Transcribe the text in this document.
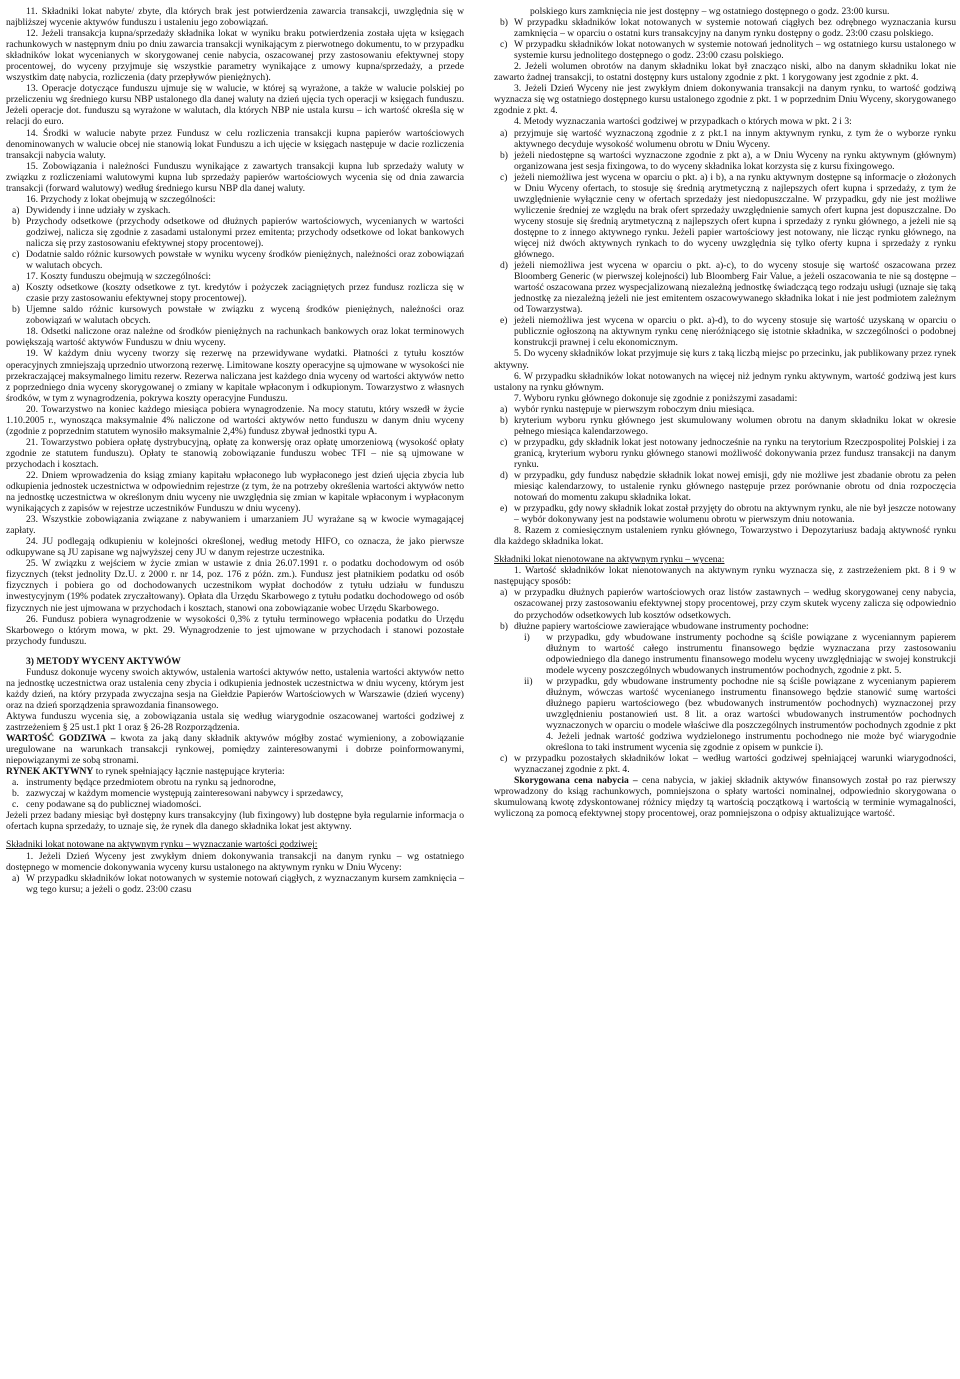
11. Składniki lokat nabyte/ zbyte, dla których brak jest potwierdzenia zawarcia transakcji, uwzględnia się w najbliższej wycenie aktywów funduszu i ustaleniu jego zobowiązań.

12. Jeżeli transakcja kupna/sprzedaży składnika lokat w wyniku braku potwierdzenia została ujęta w księgach rachunkowych w następnym dniu po dniu zawarcia transakcji wynikającym z pierwotnego dokumentu, to w przypadku składników lokat wycenianych w skorygowanej cenie nabycia, oszacowanej przy zastosowaniu efektywnej stopy procentowej, do wyceny przyjmuje się wszystkie parametry wynikające z umowy kupna/sprzedaży, a przede wszystkim datę nabycia, rozliczenia (daty przepływów pieniężnych).

13. Operacje dotyczące funduszu ujmuje się w walucie, w której są wyrażone, a także w walucie polskiej po przeliczeniu wg średniego kursu NBP ustalonego dla danej waluty na dzień ujęcia tych operacji w księgach funduszu. Jeżeli operacje dot. funduszu są wyrażone w walutach, dla których NBP nie ustala kursu – ich wartość określa się w relacji do euro.

14. Środki w walucie nabyte przez Fundusz w celu rozliczenia transakcji kupna papierów wartościowych denominowanych w walucie obcej nie stanowią lokat Funduszu a ich ujęcie w księgach następuje w dacie rozliczenia transakcji nabycia waluty.

15. Zobowiązania i należności Funduszu wynikające z zawartych transakcji kupna lub sprzedaży waluty w związku z rozliczeniami walutowymi kupna lub sprzedaży papierów wartościowych wycenia się od dnia zawarcia transakcji (forward walutowy) według średniego kursu NBP dla danej waluty.

16. Przychody z lokat obejmują w szczególności:

a) Dywidendy i inne udziały w zyskach.

b) Przychody odsetkowe (przychody odsetkowe od dłużnych papierów wartościowych, wycenianych w wartości godziwej, nalicza się zgodnie z zasadami ustalonymi przez emitenta; przychody odsetkowe od lokat bankowych nalicza się przy zastosowaniu efektywnej stopy procentowej).

c) Dodatnie saldo różnic kursowych powstałe w wyniku wyceny środków pieniężnych, należności oraz zobowiązań w walutach obcych.

17. Koszty funduszu obejmują w szczególności:

a) Koszty odsetkowe (koszty odsetkowe z tyt. kredytów i pożyczek zaciągniętych przez fundusz rozlicza się w czasie przy zastosowaniu efektywnej stopy procentowej).

b) Ujemne saldo różnic kursowych powstałe w związku z wyceną środków pieniężnych, należności oraz zobowiązań w walutach obcych.

18. Odsetki naliczone oraz należne od środków pieniężnych na rachunkach bankowych oraz lokat terminowych powiększają wartość aktywów Funduszu w dniu wyceny.

19. W każdym dniu wyceny tworzy się rezerwę na przewidywane wydatki. Płatności z tytułu kosztów operacyjnych zmniejszają uprzednio utworzoną rezerwę. Limitowane koszty operacyjne są ujmowane w wysokości nie przekraczającej maksymalnego limitu rezerw. Rezerwa naliczana jest każdego dnia wyceny od wartości aktywów netto z poprzedniego dnia wyceny skorygowanej o zmiany w kapitale wpłaconym i odkupionym. Towarzystwo z własnych środków, w tym z wynagrodzenia, pokrywa koszty operacyjne Funduszu.

20. Towarzystwo na koniec każdego miesiąca pobiera wynagrodzenie. Na mocy statutu, który wszedł w życie 1.10.2005 r., wynosząca maksymalnie 4% naliczone od wartości aktywów netto funduszu w danym dniu wyceny (zgodnie z poprzednim statutem wynosiło maksymalnie 2,4%) fundusz zbywał jednostki typu A.

21. Towarzystwo pobiera opłatę dystrybucyjną, opłatę za konwersję oraz opłatę umorzeniową (wysokość opłaty zgodnie ze statutem funduszu). Opłaty te stanowią zobowiązanie funduszu wobec TFI – nie są ujmowane w przychodach i kosztach.

22. Dniem wprowadzenia do ksiąg zmiany kapitału wpłaconego lub wypłaconego jest dzień ujęcia zbycia lub odkupienia jednostek uczestnictwa w odpowiednim rejestrze (z tym, że na potrzeby określenia wartości aktywów netto na jednostkę uczestnictwa w określonym dniu wyceny nie uwzględnia się zmian w kapitale wpłaconym i wypłaconym wynikających z zapisów w rejestrze uczestników Funduszu w dniu wyceny).

23. Wszystkie zobowiązania związane z nabywaniem i umarzaniem JU wyrażane są w kwocie wymagającej zapłaty.

24. JU podlegają odkupieniu w kolejności określonej, według metody HIFO, co oznacza, że jako pierwsze odkupywane są JU zapisane wg najwyższej ceny JU w danym rejestrze uczestnika.

25. W związku z wejściem w życie zmian w ustawie z dnia 26.07.1991 r. o podatku dochodowym od osób fizycznych (tekst jednolity Dz.U. z 2000 r. nr 14, poz. 176 z późn. zm.). Fundusz jest płatnikiem podatku od osób fizycznych i pobiera go od dochodowanych uczestnikom wypłat dochodów z tytułu udziału w funduszu inwestycyjnym (19% podatek zryczałtowany). Opłata dla Urzędu Skarbowego z tytułu podatku dochodowego od osób fizycznych nie jest ujmowana w przychodach i kosztach, stanowi ona zobowiązanie wobec Urzędu Skarbowego.

26. Fundusz pobiera wynagrodzenie w wysokości 0,3% z tytułu terminowego wpłacenia podatku do Urzędu Skarbowego o którym mowa, w pkt. 29. Wynagrodzenie to jest ujmowane w przychodach i stanowi pozostałe przychody funduszu.

3) METODY WYCENY AKTYWÓW

Fundusz dokonuje wyceny swoich aktywów, ustalenia wartości aktywów netto, ustalenia wartości aktywów netto na jednostkę uczestnictwa oraz ustalenia ceny zbycia i odkupienia jednostek uczestnictwa w dniu wyceny, którym jest każdy dzień, na który przypada zwyczajna sesja na Giełdzie Papierów Wartościowych w Warszawie (dzień wyceny) oraz na dzień sporządzenia sprawozdania finansowego.

Aktywa funduszu wycenia się, a zobowiązania ustala się według wiarygodnie oszacowanej wartości godziwej z zastrzeżeniem § 25 ust.1 pkt 1 oraz § 26-28 Rozporządzenia.

WARTOŚĆ GODZIWA – kwota za jaką dany składnik aktywów mógłby zostać wymieniony, a zobowiązanie uregulowane na warunkach transakcji rynkowej, pomiędzy zainteresowanymi i dobrze poinformowanymi, niepowiązanymi ze sobą stronami.

RYNEK AKTYWNY to rynek spełniający łącznie następujące kryteria:

a. instrumenty będące przedmiotem obrotu na rynku są jednorodne,

b. zazwyczaj w każdym momencie występują zainteresowani nabywcy i sprzedawcy,

c. ceny podawane są do publicznej wiadomości.

Jeżeli przez badany miesiąc był dostępny kurs transakcyjny (lub fixingowy) lub dostępne była regularnie informacja o ofertach kupna sprzedaży, to uznaje się, że rynek dla danego składnika lokat jest aktywny.

Składniki lokat notowane na aktywnym rynku – wyznaczanie wartości godziwej:

1. Jeżeli Dzień Wyceny jest zwykłym dniem dokonywania transakcji na danym rynku – wg ostatniego dostępnego w momencie dokonywania wyceny kursu ustalonego na aktywnym rynku w Dniu Wyceny:

a) W przypadku składników lokat notowanych w systemie notowań ciągłych, z wyznaczanym kursem zamknięcia – wg tego kursu; a jeżeli o godz. 23:00 czasu

polskiego kurs zamknięcia nie jest dostępny – wg ostatniego dostępnego o godz. 23:00 kursu.

b) W przypadku składników lokat notowanych w systemie notowań ciągłych bez odrębnego wyznaczania kursu zamknięcia – w oparciu o ostatni kurs transakcyjny na danym rynku dostępny o godz. 23:00 czasu polskiego.

c) W przypadku składników lokat notowanych w systemie notowań jednolitych – wg ostatniego kursu ustalonego w systemie kursu jednolitego dostępnego o godz. 23:00 czasu polskiego.

2. Jeżeli wolumen obrotów na danym składniku lokat był znacząco niski, albo na danym składniku lokat nie zawarto żadnej transakcji, to ostatni dostępny kurs ustalony zgodnie z pkt. 1 korygowany jest zgodnie z pkt. 4.

3. Jeżeli Dzień Wyceny nie jest zwykłym dniem dokonywania transakcji na danym rynku, to wartość godziwą wyznacza się wg ostatniego dostępnego kursu ustalonego zgodnie z pkt. 1 w poprzednim Dniu Wyceny, skorygowanego zgodnie z pkt. 4.

4. Metody wyznaczania wartości godziwej w przypadkach o których mowa w pkt. 2 i 3:

a) przyjmuje się wartość wyznaczoną zgodnie z z pkt.1 na innym aktywnym rynku, z tym że o wyborze rynku aktywnego decyduje wysokość wolumenu obrotu w Dniu Wyceny.

b) jeżeli niedostępne są wartości wyznaczone zgodnie z pkt a), a w Dniu Wyceny na rynku aktywnym (głównym) organizowana jest sesja fixingowa, to do wyceny składnika lokat korzysta się z kursu fixingowego.

c) jeżeli niemożliwa jest wycena w oparciu o pkt. a) i b), a na rynku aktywnym dostępne są informacje o złożonych w Dniu Wyceny ofertach, to stosuje się średnią arytmetyczną z najlepszych ofert kupna i sprzedaży, z tym że uwzględnienie wyłącznie ceny w ofertach sprzedaży jest niedopuszczalne. W przypadku, gdy nie jest możliwe wyliczenie średniej ze względu na brak ofert sprzedaży uwzględnienie samych ofert kupna jest dopuszczalne. Do wyceny stosuje się średnią arytmetyczną z najlepszych ofert kupna i sprzedaży z rynku głównego, a jeżeli nie są dostępne to z innego aktywnego rynku. Jeżeli papier wartościowy jest notowany, nie licząc rynku głównego, na więcej niż dwóch aktywnych rynkach to do wyceny uwzględnia się tylko oferty kupna i sprzedaży z rynku głównego.

d) jeżeli niemożliwa jest wycena w oparciu o pkt. a)-c), to do wyceny stosuje się wartość oszacowana przez Bloomberg Generic (w pierwszej kolejności) lub Bloomberg Fair Value, a jeżeli oszacowania te nie są dostępne – wartość oszacowana przez wyspecjalizowaną niezależną jednostkę świadczącą tego rodzaju usługi (uznaje się taką jednostkę za niezależną jeżeli nie jest emitentem oszacowywanego składnika lokat i nie jest podmiotem zależnym od Towarzystwa).

e) jeżeli niemożliwa jest wycena w oparciu o pkt. a)-d), to do wyceny stosuje się wartość uzyskaną w oparciu o publicznie ogłoszoną na aktywnym rynku cenę nieróżniącego się istotnie składnika, w szczególności o podobnej konstrukcji prawnej i celu ekonomicznym.

5. Do wyceny składników lokat przyjmuje się kurs z taką liczbą miejsc po przecinku, jak publikowany przez rynek aktywny.

6. W przypadku składników lokat notowanych na więcej niż jednym rynku aktywnym, wartość godziwą jest kurs ustalony na rynku głównym.

7. Wyboru rynku głównego dokonuje się zgodnie z poniższymi zasadami:

a) wybór rynku następuje w pierwszym roboczym dniu miesiąca.

b) kryterium wyboru rynku głównego jest skumulowany wolumen obrotu na danym składniku lokat w okresie pełnego miesiąca kalendarzowego.

c) w przypadku, gdy składnik lokat jest notowany jednocześnie na rynku na terytorium Rzeczpospolitej Polskiej i za granicą, kryterium wyboru rynku głównego stanowi możliwość dokonywania przez fundusz transakcji na danym rynku.

d) w przypadku, gdy fundusz nabędzie składnik lokat nowej emisji, gdy nie możliwe jest zbadanie obrotu za pełen miesiąc kalendarzowy, to ustalenie rynku głównego następuje przez porównanie obrotu od dnia rozpoczęcia notowań do momentu zakupu składnika lokat.

e) w przypadku, gdy nowy składnik lokat został przyjęty do obrotu na aktywnym rynku, ale nie był jeszcze notowany – wybór dokonywany jest na podstawie wolumenu obrotu w pierwszym dniu notowania.

8. Razem z comiesięcznym ustaleniem rynku głównego, Towarzystwo i Depozytariusz badają aktywność rynku dla każdego składnika lokat.

Składniki lokat nienotowane na aktywnym rynku – wycena:

1. Wartość składników lokat nienotowanych na aktywnym rynku wyznacza się, z zastrzeżeniem pkt. 8 i 9 w następujący sposób:

a) w przypadku dłużnych papierów wartościowych oraz listów zastawnych – według skorygowanej ceny nabycia, oszacowanej przy zastosowaniu efektywnej stopy procentowej, przy czym skutek wyceny zalicza się odpowiednio do przychodów odsetkowych lub kosztów odsetkowych.

b) dłużne papiery wartościowe zawierające wbudowane instrumenty pochodne:

i) w przypadku, gdy wbudowane instrumenty pochodne są ściśle powiązane z wyceniannym papierem dłużnym to wartość całego instrumentu finansowego będzie wyznaczana przy zastosowaniu odpowiedniego dla danego instrumentu finansowego modelu wyceny uwzględniając w swojej konstrukcji modele wyceny poszczególnych wbudowanych instrumentów pochodnych, zgodnie z pkt. 5.

ii) w przypadku, gdy wbudowane instrumenty pochodne nie są ściśle powiązane z wycenianym papierem dłużnym, wówczas wartość wycenianego instrumentu finansowego będzie stanowić sumę wartości dłużnego papieru wartościowego (bez wbudowanych instrumentów pochodnych) wyznaczonej przy uwzględnieniu postanowień ust. 8 lit. a oraz wartości wbudowanych instrumentów pochodnych wyznaczonych w oparciu o modele właściwe dla poszczególnych instrumentów pochodnych zgodnie z pkt 4. Jeżeli jednak wartość godziwa wydzielonego instrumentu pochodnego nie może być wiarygodnie określona to taki instrument wycenia się zgodnie z opisem w punkcie i).

c) w przypadku pozostałych składników lokat – według wartości godziwej spełniającej warunki wiarygodności, wyznaczanej zgodnie z pkt. 4.

Skorygowana cena nabycia – cena nabycia, w jakiej składnik aktywów finansowych został po raz pierwszy wprowadzony do ksiąg rachunkowych, pomniejszona o spłaty wartości nominalnej, odpowiednio skorygowana o skumulowaną kwotę zdyskontowanej różnicy między tą wartością początkową i wartością w terminie wymagalności, wyliczoną za pomocą efektywnej stopy procentowej, oraz pomniejszona o odpisy aktualizujące wartość.
